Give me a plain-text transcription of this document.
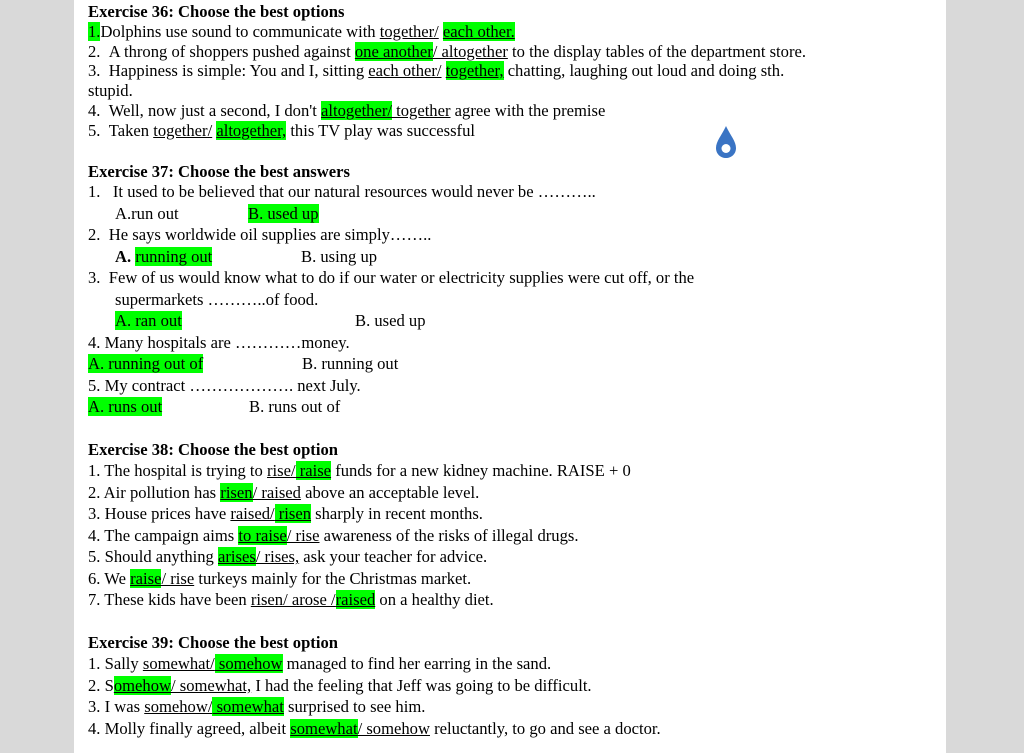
Exercise 36: Choose the best options
1.Dolphins use sound to communicate with together/ each other.
2. A throng of shoppers pushed against one another/ altogether to the display tables of the department store.
3. Happiness is simple: You and I, sitting each other/ together, chatting, laughing out loud and doing sth.
stupid.
4. Well, now just a second, I don't altogether/ together agree with the premise
5. Taken together/ altogether, this TV play was successful
Exercise 37: Choose the best answers
1. It used to be believed that our natural resources would never be ………..
A.run out	B. used up
2. He says worldwide oil supplies are simply……..
A. running out	B. using up
3. Few of us would know what to do if our water or electricity supplies were cut off, or the
supermarkets ………..of food.
A. ran out	B. used up
4. Many hospitals are …………money.
A. running out of	B. running out
5. My contract ………………. next July.
A. runs out	B. runs out of
Exercise 38: Choose the best option
1. The hospital is trying to rise/ raise funds for a new kidney machine. RAISE + 0
2. Air pollution has risen/ raised above an acceptable level.
3. House prices have raised/ risen sharply in recent months.
4. The campaign aims to raise/ rise awareness of the risks of illegal drugs.
5. Should anything arises/ rises, ask your teacher for advice.
6. We raise/ rise turkeys mainly for the Christmas market.
7. These kids have been risen/ arose /raised on a healthy diet.
Exercise 39: Choose the best option
1. Sally somewhat/ somehow managed to find her earring in the sand.
2. Somehow/ somewhat, I had the feeling that Jeff was going to be difficult.
3. I was somehow/ somewhat surprised to see him.
4. Molly finally agreed, albeit somewhat/ somehow reluctantly, to go and see a doctor.
